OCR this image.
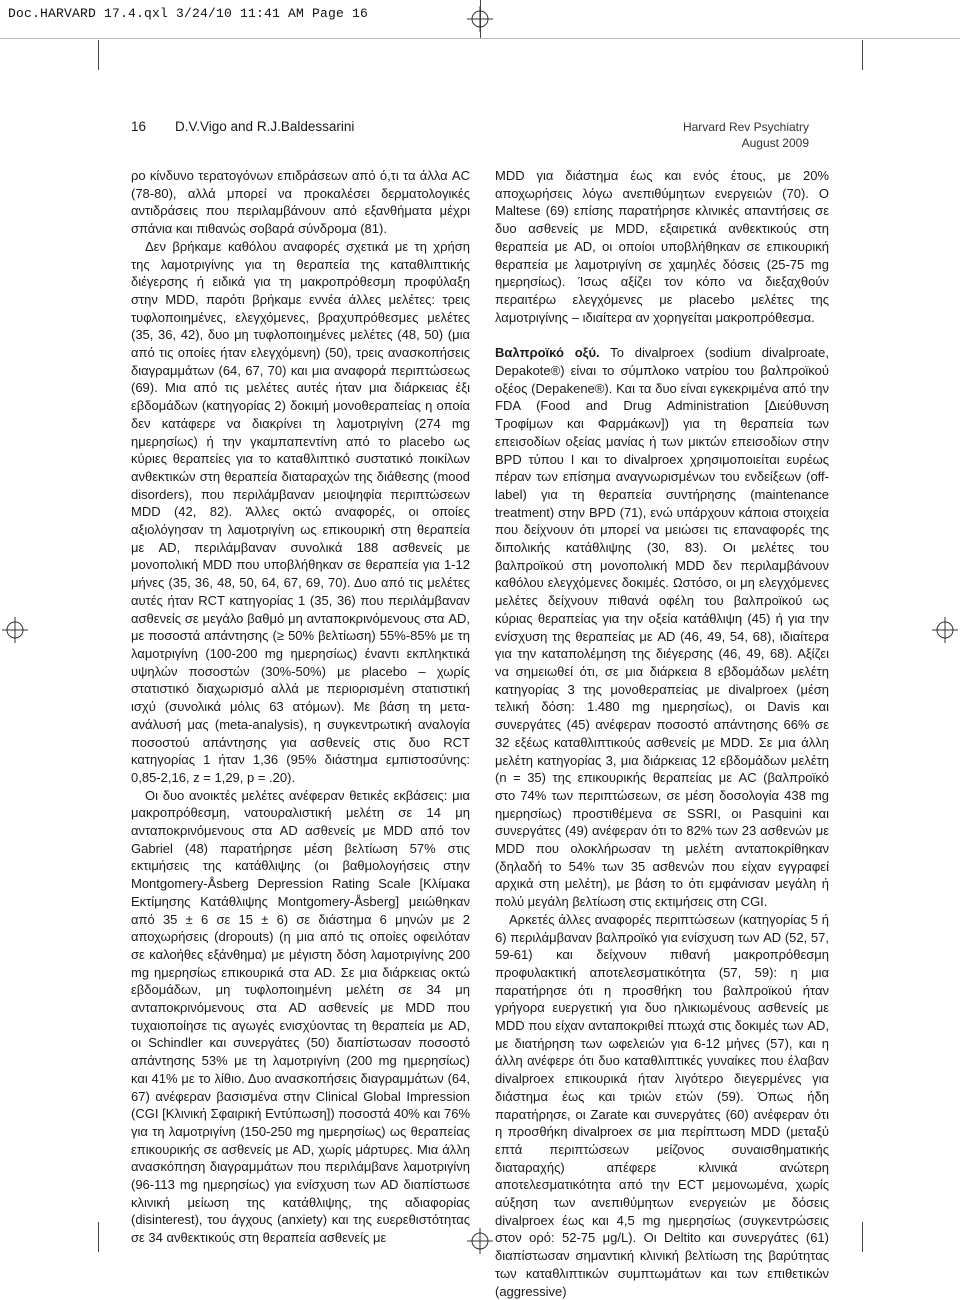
Doc.HARVARD 17.4.qxl 3/24/10 11:41 AM Page 16
16 D.V.Vigo and R.J.Baldessarini	Harvard Rev Psychiatry
August 2009

ρο κίνδυνο τερατογόνων επιδράσεων από ό,τι τα άλλα AC (78-80), αλλά μπορεί να προκαλέσει δερματολογικές αντιδράσεις που περιλαμβάνουν από εξανθήματα μέχρι σπάνια και πιθανώς σοβαρά σύνδρομα (81).

Δεν βρήκαμε καθόλου αναφορές σχετικά με τη χρήση της λαμοτριγίνης για τη θεραπεία της καταθλιπτικής διέγερσης ή ειδικά για τη μακροπρόθεσμη προφύλαξη στην MDD, παρότι βρήκαμε εννέα άλλες μελέτες: τρεις τυφλοποιημένες, ελεγχόμενες, βραχυπρόθεσμες μελέτες (35, 36, 42), δυο μη τυφλοποιημένες μελέτες (48, 50) (μια από τις οποίες ήταν ελεγχόμενη) (50), τρεις ανασκοπήσεις διαγραμμάτων (64, 67, 70) και μια αναφορά περιπτώσεως (69). Μια από τις μελέτες αυτές ήταν μια διάρκειας έξι εβδομάδων (κατηγορίας 2) δοκιμή μονοθεραπείας η οποία δεν κατάφερε να διακρίνει τη λαμοτριγίνη (274 mg ημερησίως) ή την γκαμπαπεντίνη από το placebo ως κύριες θεραπείες για το καταθλιπτικό συστατικό ποικίλων ανθεκτικών στη θεραπεία διαταραχών της διάθεσης (mood disorders), που περιλάμβαναν μειοψηφία περιπτώσεων MDD (42, 82). Άλλες οκτώ αναφορές, οι οποίες αξιολόγησαν τη λαμοτριγίνη ως επικουρική στη θεραπεία με AD, περιλάμβαναν συνολικά 188 ασθενείς με μονοπολική MDD που υποβλήθηκαν σε θεραπεία για 1-12 μήνες (35, 36, 48, 50, 64, 67, 69, 70). Δυο από τις μελέτες αυτές ήταν RCT κατηγορίας 1 (35, 36) που περιλάμβαναν ασθενείς σε μεγάλο βαθμό μη ανταποκρινόμενους στα AD, με ποσοστά απάντησης (≥ 50% βελτίωση) 55%-85% με τη λαμοτριγίνη (100-200 mg ημερησίως) έναντι εκπληκτικά υψηλών ποσοστών (30%-50%) με placebo – χωρίς στατιστικό διαχωρισμό αλλά με περιορισμένη στατιστική ισχύ (συνολικά μόλις 63 ατόμων). Με βάση τη μετα-ανάλυσή μας (meta-analysis), η συγκεντρωτική αναλογία ποσοστού απάντησης για ασθενείς στις δυο RCT κατηγορίας 1 ήταν 1,36 (95% διάστημα εμπιστοσύνης: 0,85-2,16, z = 1,29, p = .20).

Οι δυο ανοικτές μελέτες ανέφεραν θετικές εκβάσεις: μια μακροπρόθεσμη, νατουραλιστική μελέτη σε 14 μη ανταποκρινόμενους στα AD ασθενείς με MDD από τον Gabriel (48) παρατήρησε μέση βελτίωση 57% στις εκτιμήσεις της κατάθλιψης (οι βαθμολογήσεις στην Montgomery-Åsberg Depression Rating Scale [Κλίμακα Εκτίμησης Κατάθλιψης Montgomery-Åsberg] μειώθηκαν από 35 ± 6 σε 15 ± 6) σε διάστημα 6 μηνών με 2 αποχωρήσεις (dropouts) (η μια από τις οποίες οφειλόταν σε καλοήθες εξάνθημα) με μέγιστη δόση λαμοτριγίνης 200 mg ημερησίως επικουρικά στα AD. Σε μια διάρκειας οκτώ εβδομάδων, μη τυφλοποιημένη μελέτη σε 34 μη ανταποκρινόμενους στα AD ασθενείς με MDD που τυχαιοποίησε τις αγωγές ενισχύοντας τη θεραπεία με AD, οι Schindler και συνεργάτες (50) διαπίστωσαν ποσοστό απάντησης 53% με τη λαμοτριγίνη (200 mg ημερησίως) και 41% με το λίθιο. Δυο ανασκοπήσεις διαγραμμάτων (64, 67) ανέφεραν βασισμένα στην Clinical Global Impression (CGI [Κλινική Σφαιρική Εντύπωση]) ποσοστά 40% και 76% για τη λαμοτριγίνη (150-250 mg ημερησίως) ως θεραπείας επικουρικής σε ασθενείς με AD, χωρίς μάρτυρες. Μια άλλη ανασκόπηση διαγραμμάτων που περιλάμβανε λαμοτριγίνη (96-113 mg ημερησίως) για ενίσχυση των AD διαπίστωσε κλινική μείωση της κατάθλιψης, της αδιαφορίας (disinterest), του άγχους (anxiety) και της ευερεθιστότητας σε 34 ανθεκτικούς στη θεραπεία ασθενείς με

MDD για διάστημα έως και ενός έτους, με 20% αποχωρήσεις λόγω ανεπιθύμητων ενεργειών (70). Ο Maltese (69) επίσης παρατήρησε κλινικές απαντήσεις σε δυο ασθενείς με MDD, εξαιρετικά ανθεκτικούς στη θεραπεία με AD, οι οποίοι υποβλήθηκαν σε επικουρική θεραπεία με λαμοτριγίνη σε χαμηλές δόσεις (25-75 mg ημερησίως). Ίσως αξίζει τον κόπο να διεξαχθούν περαιτέρω ελεγχόμενες με placebo μελέτες της λαμοτριγίνης – ιδιαίτερα αν χορηγείται μακροπρόθεσμα.

Βαλπροϊκό οξύ. Το divalproex (sodium divalproate, Depakote®) είναι το σύμπλοκο νατρίου του βαλπροϊκού οξέος (Depakene®). Και τα δυο είναι εγκεκριμένα από την FDA (Food and Drug Administration [Διεύθυνση Τροφίμων και Φαρμάκων]) για τη θεραπεία των επεισοδίων οξείας μανίας ή των μικτών επεισοδίων στην BPD τύπου I και το divalproex χρησιμοποιείται ευρέως πέραν των επίσημα αναγνωρισμένων του ενδείξεων (off-label) για τη θεραπεία συντήρησης (maintenance treatment) στην BPD (71), ενώ υπάρχουν κάποια στοιχεία που δείχνουν ότι μπορεί να μειώσει τις επαναφορές της διπολικής κατάθλιψης (30, 83). Οι μελέτες του βαλπροϊκού στη μονοπολική MDD δεν περιλαμβάνουν καθόλου ελεγχόμενες δοκιμές. Ωστόσο, οι μη ελεγχόμενες μελέτες δείχνουν πιθανά οφέλη του βαλπροϊκού ως κύριας θεραπείας για την οξεία κατάθλιψη (45) ή για την ενίσχυση της θεραπείας με AD (46, 49, 54, 68), ιδιαίτερα για την καταπολέμηση της διέγερσης (46, 49, 68). Αξίζει να σημειωθεί ότι, σε μια διάρκεια 8 εβδομάδων μελέτη κατηγορίας 3 της μονοθεραπείας με divalproex (μέση τελική δόση: 1.480 mg ημερησίως), οι Davis και συνεργάτες (45) ανέφεραν ποσοστό απάντησης 66% σε 32 εξέως καταθλιπτικούς ασθενείς με MDD. Σε μια άλλη μελέτη κατηγορίας 3, μια διάρκειας 12 εβδομάδων μελέτη (n = 35) της επικουρικής θεραπείας με AC (βαλπροϊκό στο 74% των περιπτώσεων, σε μέση δοσολογία 438 mg ημερησίως) προστιθέμενα σε SSRI, οι Pasquini και συνεργάτες (49) ανέφεραν ότι το 82% των 23 ασθενών με MDD που ολοκλήρωσαν τη μελέτη ανταποκρίθηκαν (δηλαδή το 54% των 35 ασθενών που είχαν εγγραφεί αρχικά στη μελέτη), με βάση το ότι εμφάνισαν μεγάλη ή πολύ μεγάλη βελτίωση στις εκτιμήσεις στη CGI.

Αρκετές άλλες αναφορές περιπτώσεων (κατηγορίας 5 ή 6) περιλάμβαναν βαλπροϊκό για ενίσχυση των AD (52, 57, 59-61) και δείχνουν πιθανή μακροπρόθεσμη προφυλακτική αποτελεσματικότητα (57, 59): η μια παρατήρησε ότι η προσθήκη του βαλπροϊκού ήταν γρήγορα ευεργετική για δυο ηλικιωμένους ασθενείς με MDD που είχαν ανταποκριθεί πτωχά στις δοκιμές των AD, με διατήρηση των ωφελειών για 6-12 μήνες (57), και η άλλη ανέφερε ότι δυο καταθλιπτικές γυναίκες που έλαβαν divalproex επικουρικά ήταν λιγότερο διεγερμένες για διάστημα έως και τριών ετών (59). Όπως ήδη παρατήρησε, οι Zarate και συνεργάτες (60) ανέφεραν ότι η προσθήκη divalproex σε μια περίπτωση MDD (μεταξύ επτά περιπτώσεων μείζονος συναισθηματικής διαταραχής) απέφερε κλινικά ανώτερη αποτελεσματικότητα από την ECT μεμονωμένα, χωρίς αύξηση των ανεπιθύμητων ενεργειών με δόσεις divalproex έως και 4,5 mg ημερησίως (συγκεντρώσεις στον ορό: 52-75 μg/L). Οι Deltito και συνεργάτες (61) διαπίστωσαν σημαντική κλινική βελτίωση της βαρύτητας των καταθλιπτικών συμπτωμάτων και των επιθετικών (aggressive)
